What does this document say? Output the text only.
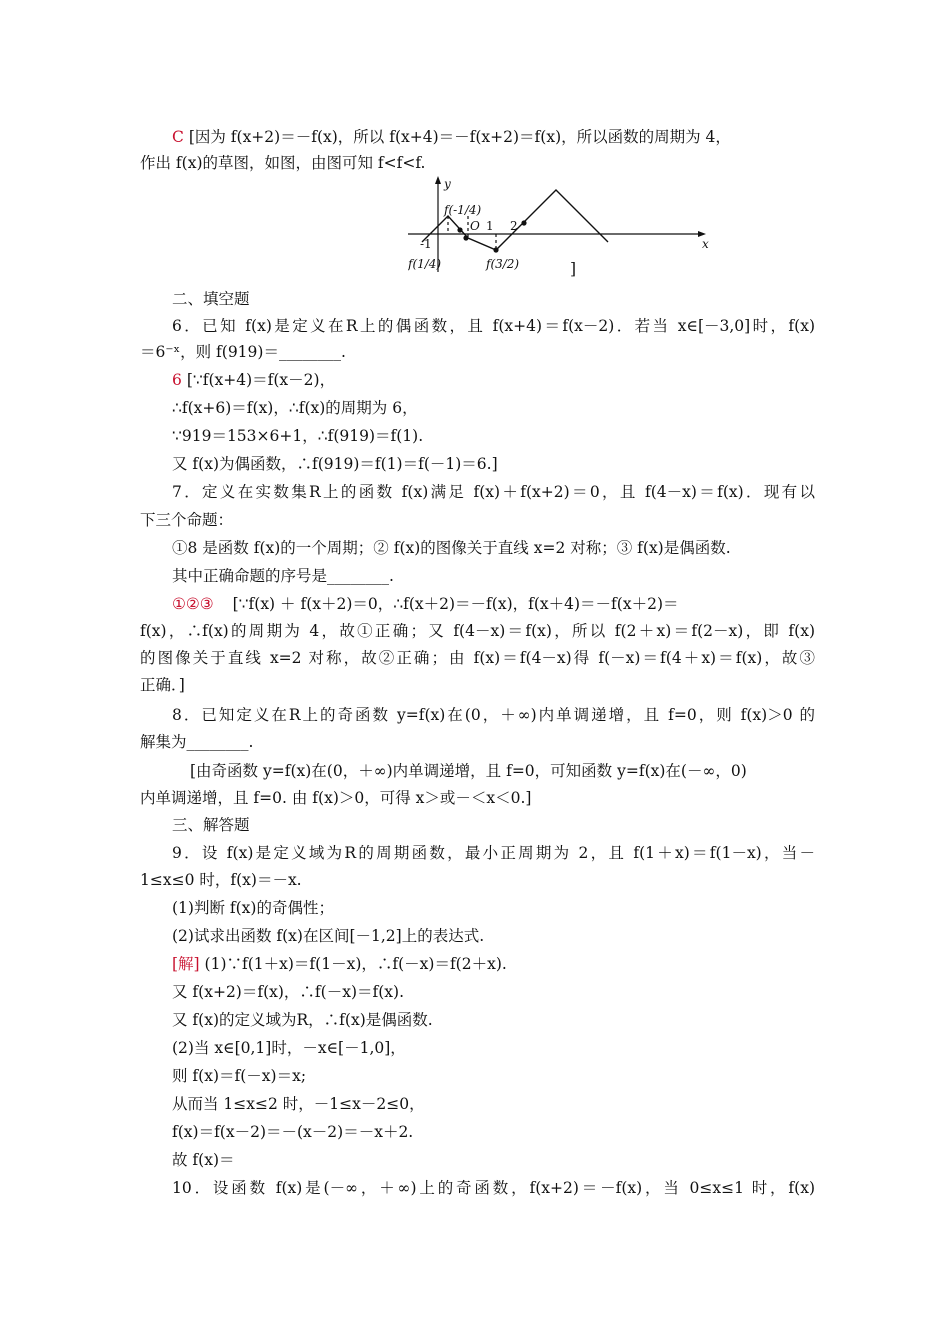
C [因为 f(x+2)＝－f(x)，所以 f(x+4)＝－f(x+2)＝f(x)，所以函数的周期为 4，
作出 f(x)的草图，如图，由图可知 f<f<f.
x
y
O
-1
1 2
f(-1/4)
f(1/4)	f(3/2)	]
二、填空题
6．已知 f(x)是定义在R上的偶函数，且 f(x+4)＝f(x－2)．若当 x∈[－3,0]时，f(x)
＝6⁻ˣ，则 f(919)＝________.
6 [∵f(x+4)＝f(x－2)，
∴f(x+6)＝f(x)，∴f(x)的周期为 6，
∵919＝153×6+1，∴f(919)＝f(1).
又 f(x)为偶函数，∴f(919)＝f(1)＝f(－1)＝6.]
7．定义在实数集R上的函数 f(x)满足 f(x)＋f(x+2)＝0，且 f(4－x)＝f(x)．现有以
下三个命题：
①8 是函数 f(x)的一个周期；② f(x)的图像关于直线 x=2 对称；③ f(x)是偶函数.
其中正确命题的序号是________.
①②③ [∵f(x) ＋ f(x＋2)＝0，∴f(x＋2)＝－f(x)，f(x＋4)＝－f(x＋2)＝
f(x)，∴f(x)的周期为 4，故①正确；又 f(4－x)＝f(x)，所以 f(2＋x)＝f(2－x)，即 f(x)
的图像关于直线 x=2 对称，故②正确；由 f(x)＝f(4－x)得 f(－x)＝f(4＋x)＝f(x)，故③
正确．]
8．已知定义在R上的奇函数 y=f(x)在(0，＋∞)内单调递增，且 f=0，则 f(x)＞0 的
解集为________.
[由奇函数 y=f(x)在(0，＋∞)内单调递增，且 f=0，可知函数 y=f(x)在(－∞，0)
内单调递增，且 f=0. 由 f(x)＞0，可得 x＞或－＜x＜0.]
三、解答题
9．设 f(x)是定义域为R的周期函数，最小正周期为 2，且 f(1＋x)＝f(1－x)，当－
1≤x≤0 时，f(x)＝－x.
(1)判断 f(x)的奇偶性；
(2)试求出函数 f(x)在区间[－1,2]上的表达式.
[解] (1)∵f(1＋x)＝f(1－x)，∴f(－x)＝f(2＋x).
又 f(x+2)＝f(x)，∴f(－x)＝f(x).
又 f(x)的定义域为R，∴f(x)是偶函数.
(2)当 x∈[0,1]时，－x∈[－1,0]，
则 f(x)＝f(－x)＝x;
从而当 1≤x≤2 时，－1≤x－2≤0，
f(x)＝f(x－2)＝－(x－2)＝－x＋2.
故 f(x)＝
10．设函数 f(x)是(－∞，＋∞)上的奇函数，f(x+2)＝－f(x)，当 0≤x≤1 时，f(x)
